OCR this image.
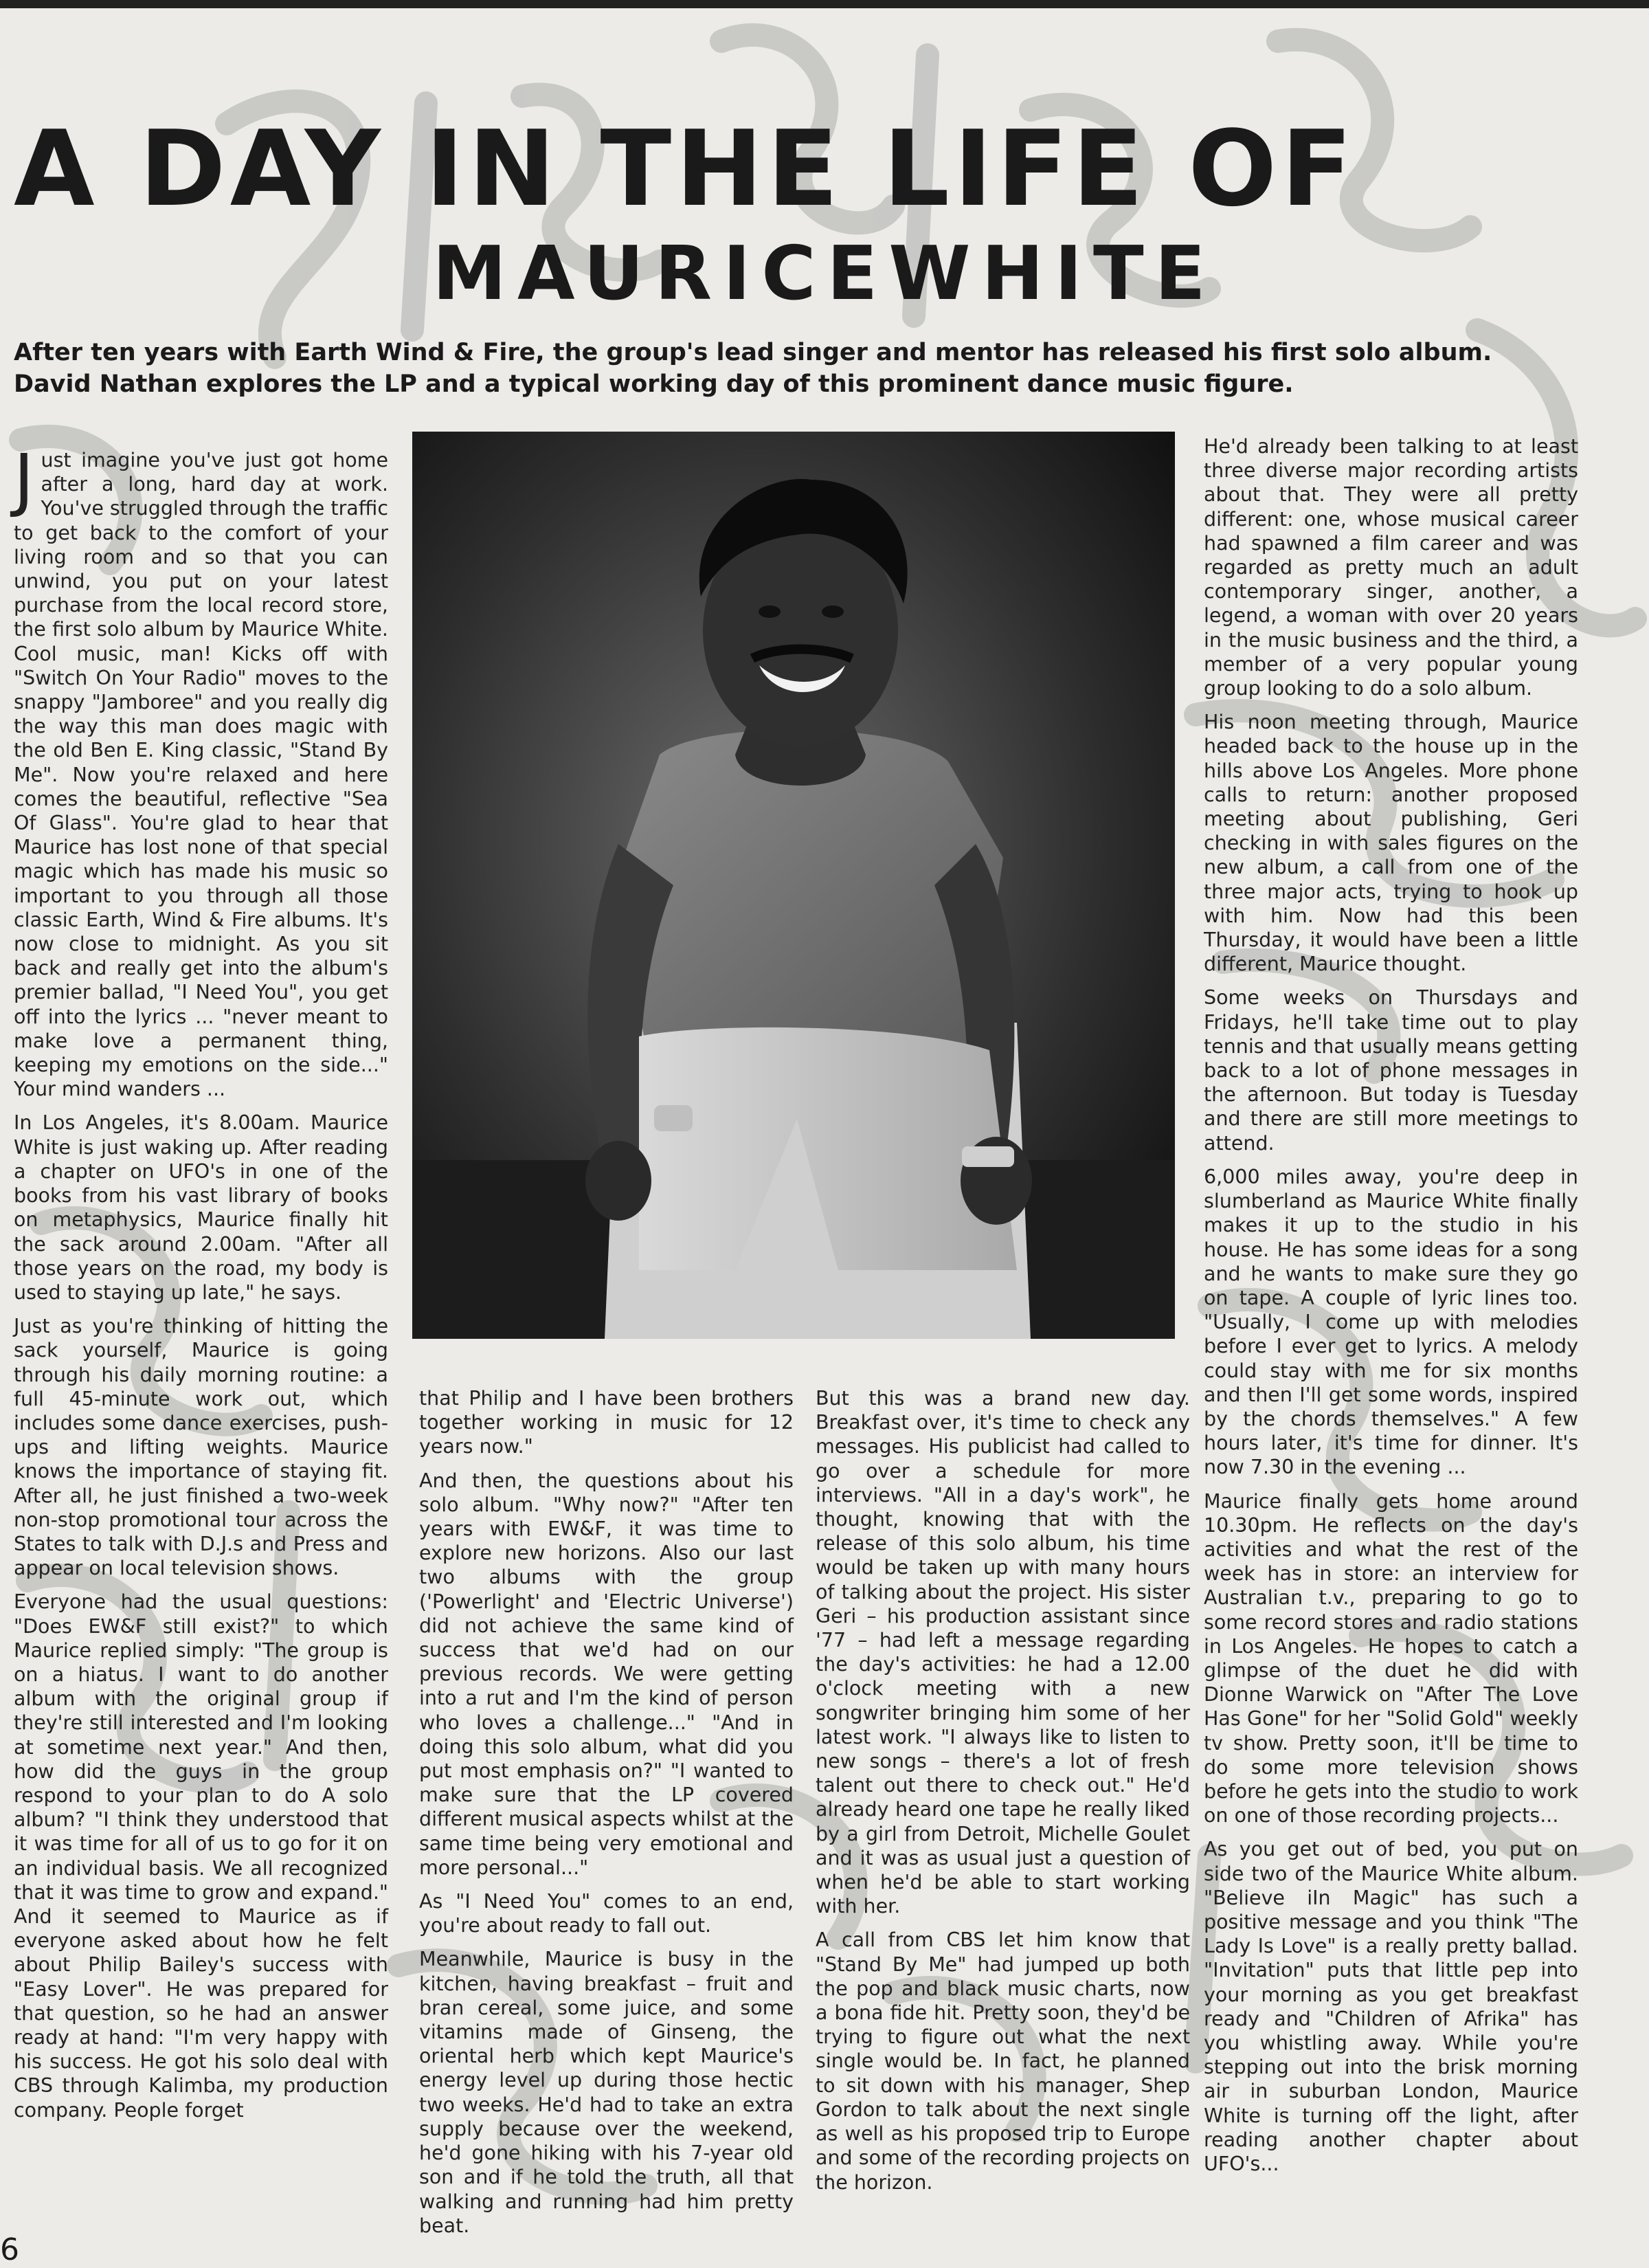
A DAY IN THE LIFE OF
MAURICEWHITE
After ten years with Earth Wind & Fire, the group's lead singer and mentor has released his first solo album. David Nathan explores the LP and a typical working day of this prominent dance music figure.

Just imagine you've just got home after a long, hard day at work. You've struggled through the traffic to get back to the comfort of your living room and so that you can unwind, you put on your latest purchase from the local record store, the first solo album by Maurice White. Cool music, man! Kicks off with "Switch On Your Radio" moves to the snappy "Jamboree" and you really dig the way this man does magic with the old Ben E. King classic, "Stand By Me". Now you're relaxed and here comes the beautiful, reflective "Sea Of Glass". You're glad to hear that Maurice has lost none of that special magic which has made his music so important to you through all those classic Earth, Wind & Fire albums. It's now close to midnight. As you sit back and really get into the album's premier ballad, "I Need You", you get off into the lyrics ... "never meant to make love a permanent thing, keeping my emotions on the side..." Your mind wanders ...

In Los Angeles, it's 8.00am. Maurice White is just waking up. After reading a chapter on UFO's in one of the books from his vast library of books on metaphysics, Maurice finally hit the sack around 2.00am. "After all those years on the road, my body is used to staying up late," he says.

Just as you're thinking of hitting the sack yourself, Maurice is going through his daily morning routine: a full 45-minute work out, which includes some dance exercises, push-ups and lifting weights. Maurice knows the importance of staying fit. After all, he just finished a two-week non-stop promotional tour across the States to talk with D.J.s and Press and appear on local television shows.

Everyone had the usual questions: "Does EW&F still exist?" to which Maurice replied simply: "The group is on a hiatus. I want to do another album with the original group if they're still interested and I'm looking at sometime next year." And then, how did the guys in the group respond to your plan to do A solo album? "I think they understood that it was time for all of us to go for it on an individual basis. We all recognized that it was time to grow and expand." And it seemed to Maurice as if everyone asked about how he felt about Philip Bailey's success with "Easy Lover". He was prepared for that question, so he had an answer ready at hand: "I'm very happy with his success. He got his solo deal with CBS through Kalimba, my production company. People forget

that Philip and I have been brothers together working in music for 12 years now."

And then, the questions about his solo album. "Why now?" "After ten years with EW&F, it was time to explore new horizons. Also our last two albums with the group ('Powerlight' and 'Electric Universe') did not achieve the same kind of success that we'd had on our previous records. We were getting into a rut and I'm the kind of person who loves a challenge..." "And in doing this solo album, what did you put most emphasis on?" "I wanted to make sure that the LP covered different musical aspects whilst at the same time being very emotional and more personal..."

As "I Need You" comes to an end, you're about ready to fall out.

Meanwhile, Maurice is busy in the kitchen, having breakfast – fruit and bran cereal, some juice, and some vitamins made of Ginseng, the oriental herb which kept Maurice's energy level up during those hectic two weeks. He'd had to take an extra supply because over the weekend, he'd gone hiking with his 7-year old son and if he told the truth, all that walking and running had him pretty beat.

But this was a brand new day. Breakfast over, it's time to check any messages. His publicist had called to go over a schedule for more interviews. "All in a day's work", he thought, knowing that with the release of this solo album, his time would be taken up with many hours of talking about the project. His sister Geri – his production assistant since '77 – had left a message regarding the day's activities: he had a 12.00 o'clock meeting with a new songwriter bringing him some of her latest work. "I always like to listen to new songs – there's a lot of fresh talent out there to check out." He'd already heard one tape he really liked by a girl from Detroit, Michelle Goulet and it was as usual just a question of when he'd be able to start working with her.

A call from CBS let him know that "Stand By Me" had jumped up both the pop and black music charts, now a bona fide hit. Pretty soon, they'd be trying to figure out what the next single would be. In fact, he planned to sit down with his manager, Shep Gordon to talk about the next single as well as his proposed trip to Europe and some of the recording projects on the horizon.

He'd already been talking to at least three diverse major recording artists about that. They were all pretty different: one, whose musical career had spawned a film career and was regarded as pretty much an adult contemporary singer, another, a legend, a woman with over 20 years in the music business and the third, a member of a very popular young group looking to do a solo album.

His noon meeting through, Maurice headed back to the house up in the hills above Los Angeles. More phone calls to return: another proposed meeting about publishing, Geri checking in with sales figures on the new album, a call from one of the three major acts, trying to hook up with him. Now had this been Thursday, it would have been a little different, Maurice thought.

Some weeks on Thursdays and Fridays, he'll take time out to play tennis and that usually means getting back to a lot of phone messages in the afternoon. But today is Tuesday and there are still more meetings to attend.

6,000 miles away, you're deep in slumberland as Maurice White finally makes it up to the studio in his house. He has some ideas for a song and he wants to make sure they go on tape. A couple of lyric lines too. "Usually, I come up with melodies before I ever get to lyrics. A melody could stay with me for six months and then I'll get some words, inspired by the chords themselves." A few hours later, it's time for dinner. It's now 7.30 in the evening ...

Maurice finally gets home around 10.30pm. He reflects on the day's activities and what the rest of the week has in store: an interview for Australian t.v., preparing to go to some record stores and radio stations in Los Angeles. He hopes to catch a glimpse of the duet he did with Dionne Warwick on "After The Love Has Gone" for her "Solid Gold" weekly tv show. Pretty soon, it'll be time to do some more television shows before he gets into the studio to work on one of those recording projects...

As you get out of bed, you put on side two of the Maurice White album. "Believe iIn Magic" has such a positive message and you think "The Lady Is Love" is a really pretty ballad. "Invitation" puts that little pep into your morning as you get breakfast ready and "Children of Afrika" has you whistling away. While you're stepping out into the brisk morning air in suburban London, Maurice White is turning off the light, after reading another chapter about UFO's...

6
